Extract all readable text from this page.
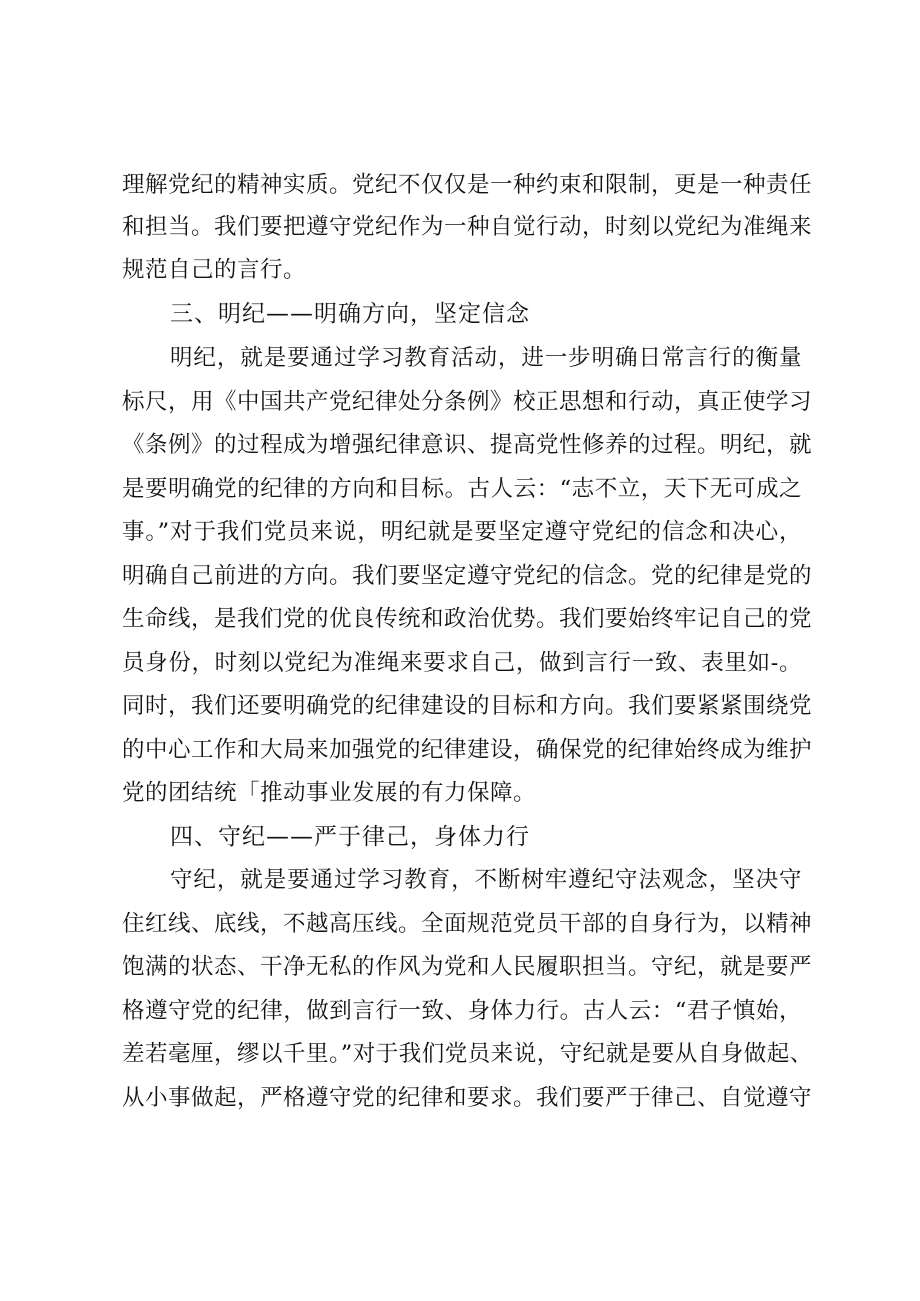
理解党纪的精神实质。党纪不仅仅是一种约束和限制，更是一种责任
和担当。我们要把遵守党纪作为一种自觉行动，时刻以党纪为准绳来
规范自己的言行。
三、明纪——明确方向，坚定信念
明纪，就是要通过学习教育活动，进一步明确日常言行的衡量
标尺，用《中国共产党纪律处分条例》校正思想和行动，真正使学习
《条例》的过程成为增强纪律意识、提高党性修养的过程。明纪，就
是要明确党的纪律的方向和目标。古人云：“志不立，天下无可成之
事。”对于我们党员来说，明纪就是要坚定遵守党纪的信念和决心，
明确自己前进的方向。我们要坚定遵守党纪的信念。党的纪律是党的
生命线，是我们党的优良传统和政治优势。我们要始终牢记自己的党
员身份，时刻以党纪为准绳来要求自己，做到言行一致、表里如-。
同时，我们还要明确党的纪律建设的目标和方向。我们要紧紧围绕党
的中心工作和大局来加强党的纪律建设，确保党的纪律始终成为维护
党的团结统「推动事业发展的有力保障。
四、守纪——严于律己，身体力行
守纪，就是要通过学习教育，不断树牢遵纪守法观念，坚决守
住红线、底线，不越高压线。全面规范党员干部的自身行为，以精神
饱满的状态、干净无私的作风为党和人民履职担当。守纪，就是要严
格遵守党的纪律，做到言行一致、身体力行。古人云：“君子慎始，
差若毫厘，缪以千里。”对于我们党员来说，守纪就是要从自身做起、
从小事做起，严格遵守党的纪律和要求。我们要严于律己、自觉遵守
